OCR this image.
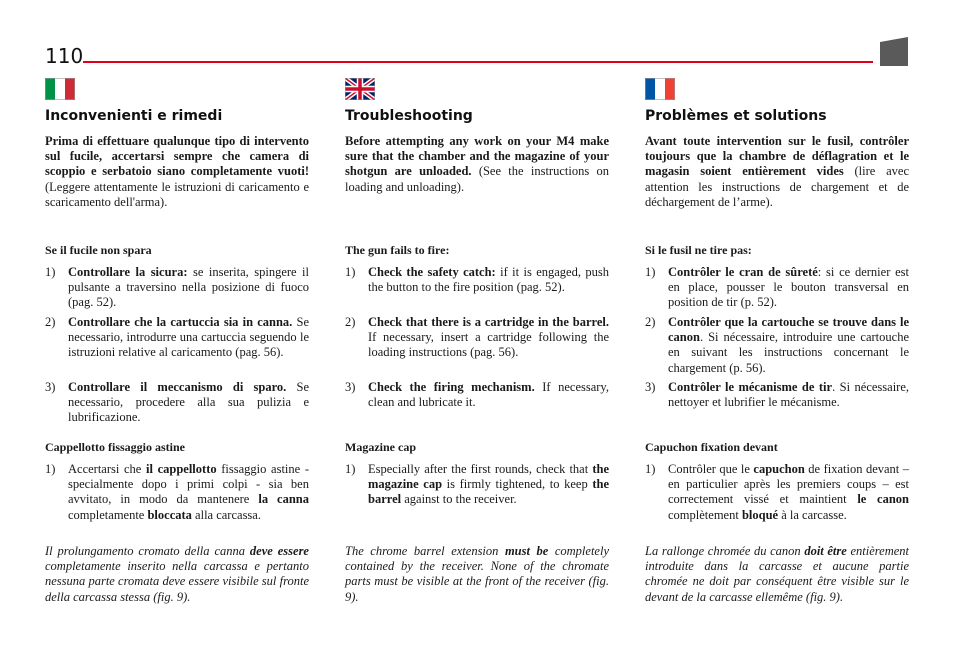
110
Inconvenienti e rimedi
Prima di effettuare qualunque tipo di intervento sul fucile, accertarsi sempre che camera di scoppio e serbatoio siano completamente vuoti! (Leggere attentamente le istruzioni di caricamento e scaricamento dell'arma).
Se il fucile non spara
1) Controllare la sicura: se inserita, spingere il pulsante a traversino nella posizione di fuoco (pag. 52).
2) Controllare che la cartuccia sia in canna. Se necessario, introdurre una cartuccia seguendo le istruzioni relative al caricamento (pag. 56).
3) Controllare il meccanismo di sparo. Se necessario, procedere alla sua pulizia e lubrificazione.
Cappellotto fissaggio astine
1) Accertarsi che il cappellotto fissaggio astine - specialmente dopo i primi colpi - sia ben avvitato, in modo da mantenere la canna completamente bloccata alla carcassa.
Il prolungamento cromato della canna deve essere completamente inserito nella carcassa e pertanto nessuna parte cromata deve essere visibile sul fronte della carcassa stessa (fig. 9).
Troubleshooting
Before attempting any work on your M4 make sure that the chamber and the magazine of your shotgun are unloaded. (See the instructions on loading and unloading).
The gun fails to fire:
1) Check the safety catch: if it is engaged, push the button to the fire position (pag. 52).
2) Check that there is a cartridge in the barrel. If necessary, insert a cartridge following the loading instructions (pag. 56).
3) Check the firing mechanism. If necessary, clean and lubricate it.
Magazine cap
1) Especially after the first rounds, check that the magazine cap is firmly tightened, to keep the barrel against to the receiver.
The chrome barrel extension must be completely contained by the receiver. None of the chromate parts must be visible at the front of the receiver (fig. 9).
Problèmes et solutions
Avant toute intervention sur le fusil, contrôler toujours que la chambre de déflagration et le magasin soient entièrement vides (lire avec attention les instructions de chargement et de déchargement de l’arme).
Si le fusil ne tire pas:
1) Contrôler le cran de sûreté: si ce dernier est en place, pousser le bouton transversal en position de tir (p. 52).
2) Contrôler que la cartouche se trouve dans le canon. Si nécessaire, introduire une cartouche en suivant les instructions concernant le chargement (p. 56).
3) Contrôler le mécanisme de tir. Si nécessaire, nettoyer et lubrifier le mécanisme.
Capuchon fixation devant
1) Contrôler que le capuchon de fixation devant – en particulier après les premiers coups – est correctement vissé et maintient le canon complètement bloqué à la carcasse.
La rallonge chromée du canon doit être entièrement introduite dans la carcasse et aucune partie chromée ne doit par conséquent être visible sur le devant de la carcasse ellemême (fig. 9).
